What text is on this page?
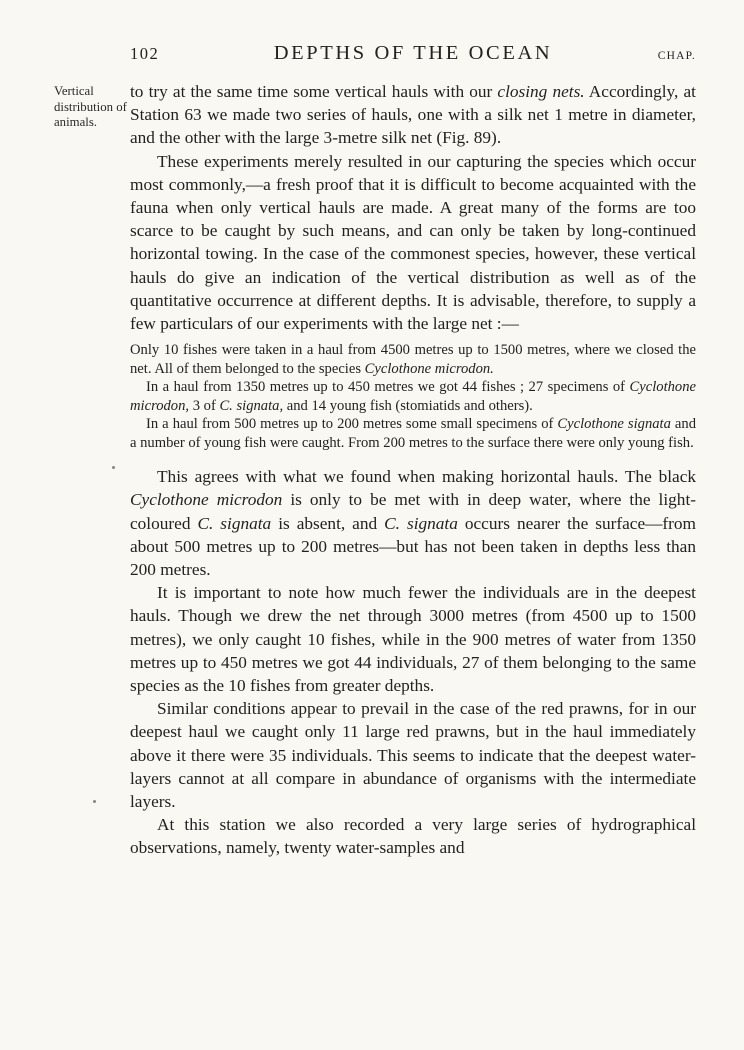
102	DEPTHS OF THE OCEAN	CHAP.
Vertical distribution of animals.

to try at the same time some vertical hauls with our closing nets. Accordingly, at Station 63 we made two series of hauls, one with a silk net 1 metre in diameter, and the other with the large 3-metre silk net (Fig. 89).

These experiments merely resulted in our capturing the species which occur most commonly,—a fresh proof that it is difficult to become acquainted with the fauna when only vertical hauls are made. A great many of the forms are too scarce to be caught by such means, and can only be taken by long-continued horizontal towing. In the case of the commonest species, however, these vertical hauls do give an indication of the vertical distribution as well as of the quantitative occurrence at different depths. It is advisable, therefore, to supply a few particulars of our experiments with the large net :—

Only 10 fishes were taken in a haul from 4500 metres up to 1500 metres, where we closed the net. All of them belonged to the species Cyclothone microdon.

In a haul from 1350 metres up to 450 metres we got 44 fishes ; 27 specimens of Cyclothone microdon, 3 of C. signata, and 14 young fish (stomiatids and others).

In a haul from 500 metres up to 200 metres some small specimens of Cyclothone signata and a number of young fish were caught. From 200 metres to the surface there were only young fish.

This agrees with what we found when making horizontal hauls. The black Cyclothone microdon is only to be met with in deep water, where the light-coloured C. signata is absent, and C. signata occurs nearer the surface—from about 500 metres up to 200 metres—but has not been taken in depths less than 200 metres.

It is important to note how much fewer the individuals are in the deepest hauls. Though we drew the net through 3000 metres (from 4500 up to 1500 metres), we only caught 10 fishes, while in the 900 metres of water from 1350 metres up to 450 metres we got 44 individuals, 27 of them belonging to the same species as the 10 fishes from greater depths.

Similar conditions appear to prevail in the case of the red prawns, for in our deepest haul we caught only 11 large red prawns, but in the haul immediately above it there were 35 individuals. This seems to indicate that the deepest water-layers cannot at all compare in abundance of organisms with the intermediate layers.

At this station we also recorded a very large series of hydrographical observations, namely, twenty water-samples and
